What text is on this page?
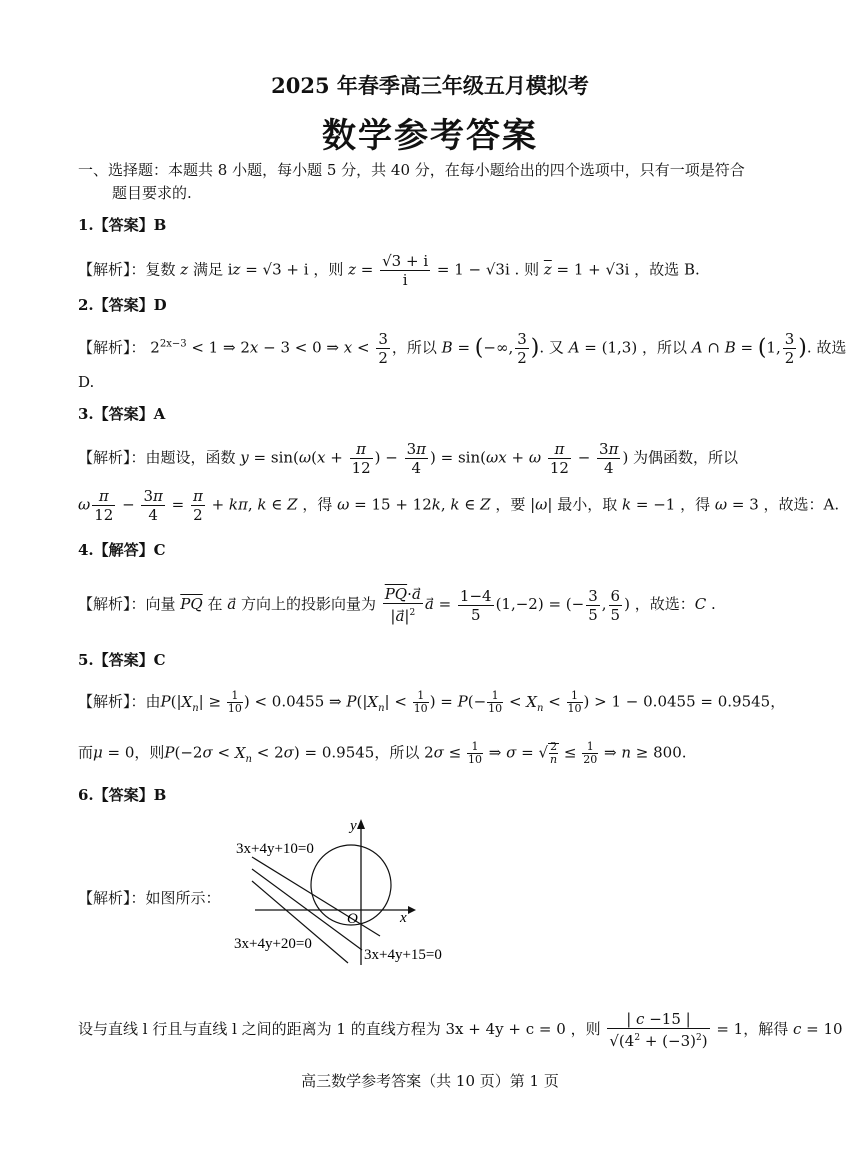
2025 年春季高三年级五月模拟考
数学参考答案
一、选择题：本题共 8 小题，每小题 5 分，共 40 分，在每小题给出的四个选项中，只有一项是符合
题目要求的.
1.【答案】B
【解析】：复数 z 满足 iz = √3 + i ，则 $z = \frac{√3 + i}{i} = 1 - √3i$ . 则 $\overline{z} = 1 + √3i$ ，故选 B.
2.【答案】D
【解析】： $2^{2x-3} < 1$ ⇒ 2x − 3 < 0 ⇒ $x < \frac{3}{2}$ ，所以 B = (−∞, $\frac{3}{2}$ ). 又 A = (1,3) ，所以 A ∩ B = (1, $\frac{3}{2}$ ). 故选
D.
3.【答案】A
【解析】：由题设，函数 $y = \sin(\omega(x + \frac{\pi}{12}$ ) − $\frac{3\pi}{4}$ ) = sin(ωx + ω $\frac{\pi}{12} - \frac{3\pi}{4}$ ) 为偶函数，所以
ω $\frac{\pi}{12} - \frac{3\pi}{4} = \frac{\pi}{2} + k\pi$, k ∈ Z ，得 ω = 15 + 12k, k ∈ Z ，要 |ω| 最小，取 k = −1 ，得 ω = 3 ，故选：A.
4.【解答】C
【解析】：向量 $\overline{PQ}$ 在 a⃗ 方向上的投影向量为 $\frac{\overline{PQ}\cdot a}{|a⃗|^2}$ a⃗ = $\frac{1-4}{5} (1,-2)$ = (− $\frac{3}{5}$ , $\frac{6}{5}$ ) ，故选：C .
5.【答案】C
【解析】：由$P(|X_n| \ge \frac{1}{10}$ ) < 0.0455 ⇒ $P(|X_n| < \frac{1}{10}$ ) = $P(- \frac{1}{10} < X_n < \frac{1}{10}$ ) > 1 − 0.0455 = 0.9545，
而μ = 0，则$P(-2\sigma < X_n < 2\sigma) = 0.9545$，所以 $2\sigma \le \frac{1}{10}$ ⇒ σ = √ $\frac{2}{n} \le \frac{1}{20}$ ⇒ n ≥ 800.
6.【答案】B
【解析】：如图所示：
3x+4y+10=0
3x+4y+20=0
3x+4y+15=0
O	x
y
设与直线 l 行且与直线 l 之间的距离为 1 的直线方程为 3x + 4y + c = 0 ，则 $\frac{| c -15 |}{√(4^2 + (-3)^2)} = 1$，解得 c = 10
高三数学参考答案（共 10 页）第 1 页
